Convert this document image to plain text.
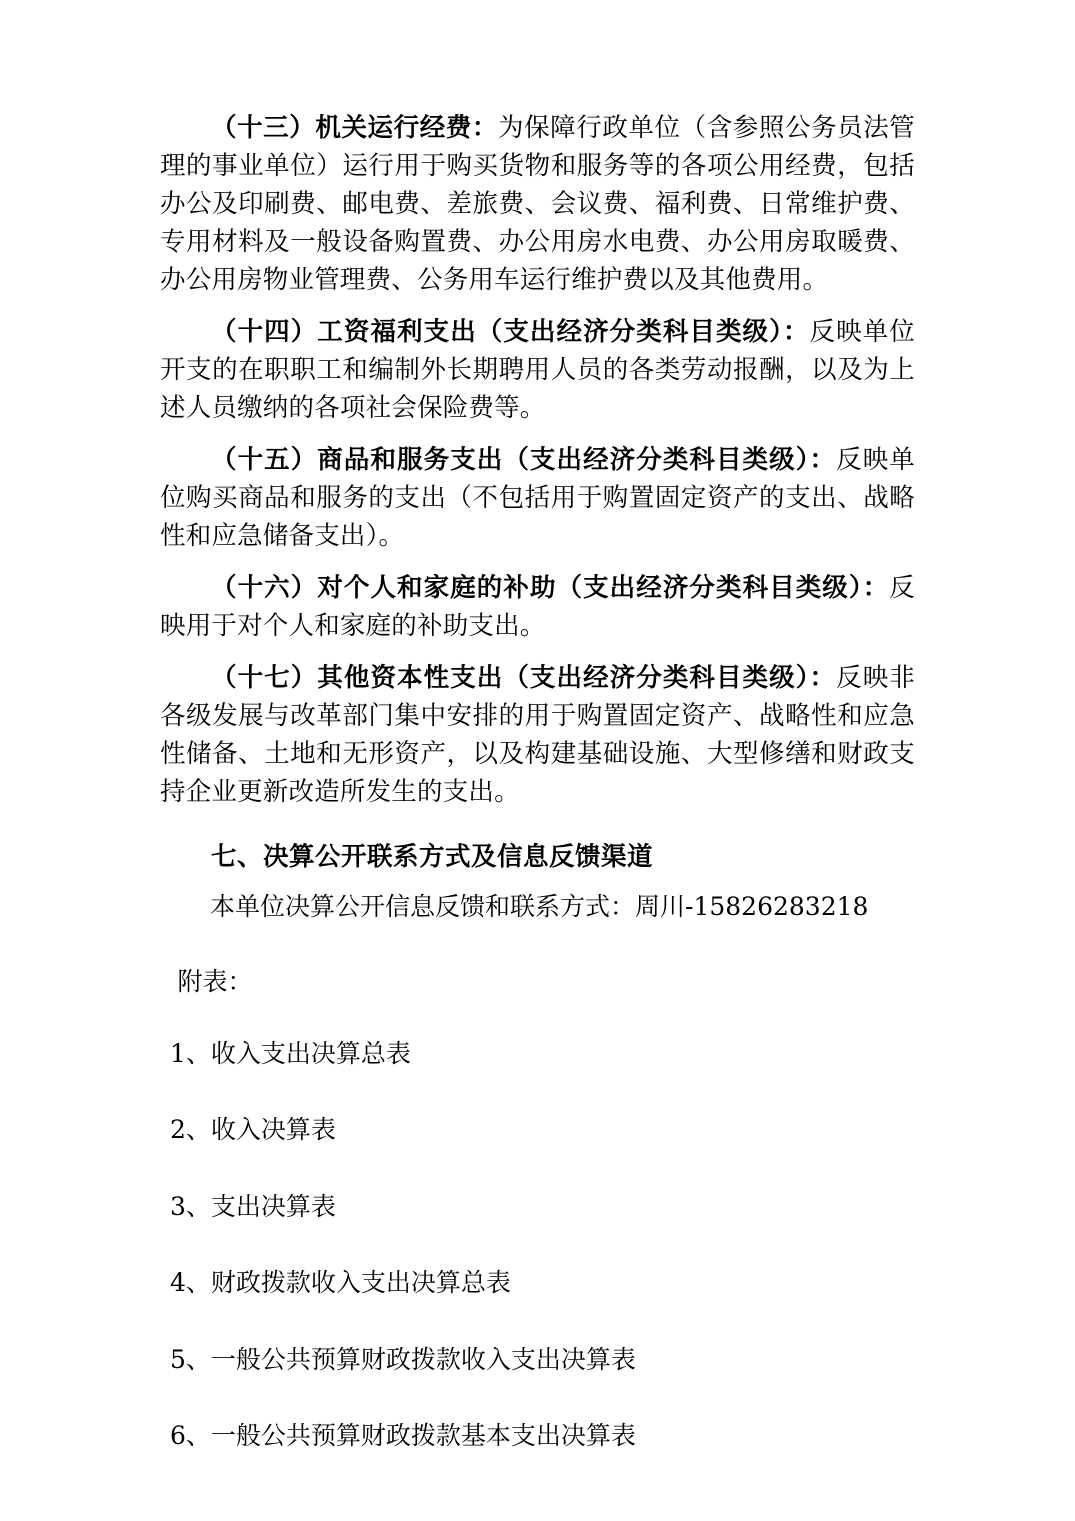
（十三）机关运行经费：为保障行政单位（含参照公务员法管理的事业单位）运行用于购买货物和服务等的各项公用经费，包括办公及印刷费、邮电费、差旅费、会议费、福利费、日常维护费、专用材料及一般设备购置费、办公用房水电费、办公用房取暖费、办公用房物业管理费、公务用车运行维护费以及其他费用。

（十四）工资福利支出（支出经济分类科目类级）：反映单位开支的在职职工和编制外长期聘用人员的各类劳动报酬，以及为上述人员缴纳的各项社会保险费等。

（十五）商品和服务支出（支出经济分类科目类级）：反映单位购买商品和服务的支出（不包括用于购置固定资产的支出、战略性和应急储备支出）。

（十六）对个人和家庭的补助（支出经济分类科目类级）：反映用于对个人和家庭的补助支出。

（十七）其他资本性支出（支出经济分类科目类级）：反映非各级发展与改革部门集中安排的用于购置固定资产、战略性和应急性储备、土地和无形资产，以及构建基础设施、大型修缮和财政支持企业更新改造所发生的支出。

七、决算公开联系方式及信息反馈渠道

本单位决算公开信息反馈和联系方式：周川-15826283218

附表：

1、收入支出决算总表

2、收入决算表

3、支出决算表

4、财政拨款收入支出决算总表

5、一般公共预算财政拨款收入支出决算表

6、一般公共预算财政拨款基本支出决算表
